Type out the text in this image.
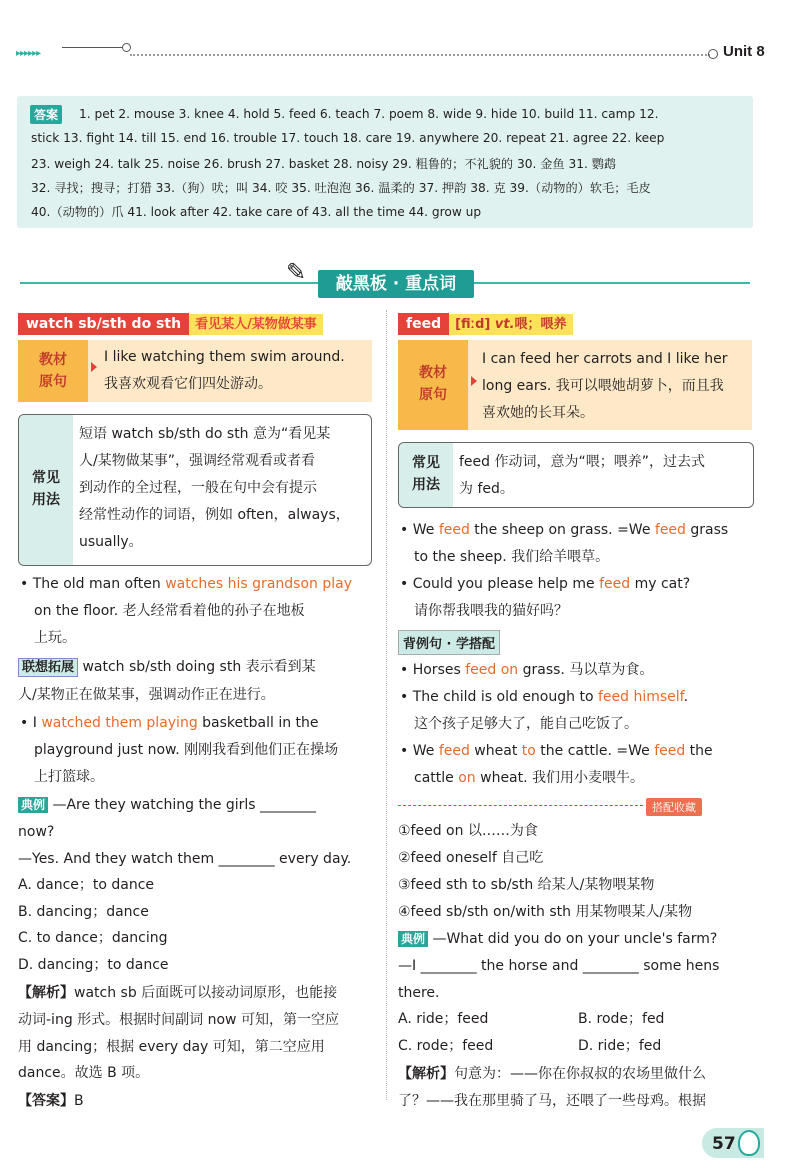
▸▸▸▸▸▸	Unit 8
答案	1. pet 2. mouse 3. knee 4. hold 5. feed 6. teach 7. poem 8. wide 9. hide 10. build 11. camp 12.
stick 13. fight 14. till 15. end 16. trouble 17. touch 18. care 19. anywhere 20. repeat 21. agree 22. keep
23. weigh 24. talk 25. noise 26. brush 27. basket 28. noisy 29. 粗鲁的；不礼貌的 30. 金鱼 31. 鹦鹉
32. 寻找；搜寻；打猎 33.（狗）吠；叫 34. 咬 35. 吐泡泡 36. 温柔的 37. 押韵 38. 克 39.（动物的）软毛；毛皮
40.（动物的）爪 41. look after 42. take care of 43. all the time 44. grow up
✎	敲黑板 · 重点词
watch sb/sth do sth 看见某人/某物做某事
教材
原句
I like watching them swim around.
我喜欢观看它们四处游动。
常见
用法
短语 watch sb/sth do sth 意为“看见某
人/某物做某事”，强调经常观看或者看
到动作的全过程，一般在句中会有提示
经常性动作的词语，例如 often，always，
usually。
• The old man often watches his grandson play
on the floor. 老人经常看着他的孙子在地板
上玩。
联想拓展 watch sb/sth doing sth 表示看到某
人/某物正在做某事，强调动作正在进行。
• I watched them playing basketball in the
playground just now. 刚刚我看到他们正在操场
上打篮球。
典例 —Are they watching the girls ________
now?
—Yes. And they watch them ________ every day.
A. dance；to dance
B. dancing；dance
C. to dance；dancing
D. dancing；to dance
【解析】watch sb 后面既可以接动词原形，也能接
动词-ing 形式。根据时间副词 now 可知，第一空应
用 dancing；根据 every day 可知，第二空应用
dance。故选 B 项。
【答案】B
feed [fiːd] vt.喂；喂养
教材
原句
I can feed her carrots and I like her
long ears. 我可以喂她胡萝卜，而且我
喜欢她的长耳朵。
常见
用法
feed 作动词，意为“喂；喂养”，过去式
为 fed。
• We feed the sheep on grass. =We feed grass
to the sheep. 我们给羊喂草。
• Could you please help me feed my cat?
请你帮我喂我的猫好吗？
背例句 · 学搭配
• Horses feed on grass. 马以草为食。
• The child is old enough to feed himself.
这个孩子足够大了，能自己吃饭了。
• We feed wheat to the cattle. =We feed the
cattle on wheat. 我们用小麦喂牛。
搭配收藏
①feed on 以……为食
②feed oneself 自己吃
③feed sth to sb/sth 给某人/某物喂某物
④feed sb/sth on/with sth 用某物喂某人/某物
典例 —What did you do on your uncle's farm?
—I ________ the horse and ________ some hens
there.
A. ride；feed	B. rode；fed
C. rode；feed	D. ride；fed
【解析】句意为：——你在你叔叔的农场里做什么
了？——我在那里骑了马，还喂了一些母鸡。根据
57
